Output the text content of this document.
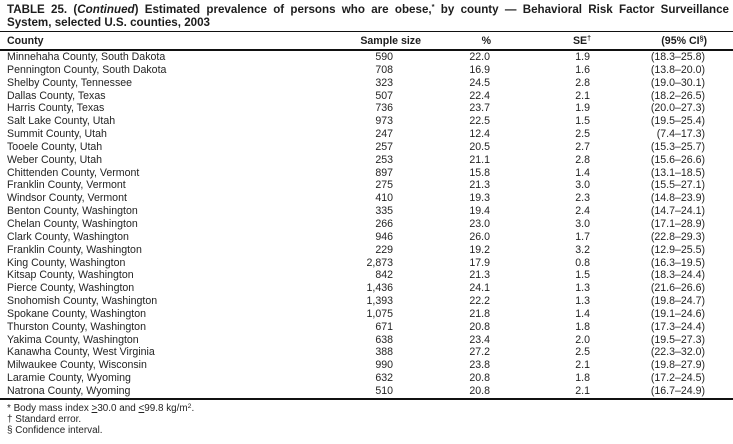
TABLE 25. (Continued) Estimated prevalence of persons who are obese,* by county — Behavioral Risk Factor Surveillance
System, selected U.S. counties, 2003
County	Sample size	%	SE†	(95% CI§)
Minnehaha County, South Dakota	590	22.0	1.9	(18.3–25.8)
Pennington County, South Dakota	708	16.9	1.6	(13.8–20.0)
Shelby County, Tennessee	323	24.5	2.8	(19.0–30.1)
Dallas County, Texas	507	22.4	2.1	(18.2–26.5)
Harris County, Texas	736	23.7	1.9	(20.0–27.3)
Salt Lake County, Utah	973	22.5	1.5	(19.5–25.4)
Summit County, Utah	247	12.4	2.5	(7.4–17.3)
Tooele County, Utah	257	20.5	2.7	(15.3–25.7)
Weber County, Utah	253	21.1	2.8	(15.6–26.6)
Chittenden County, Vermont	897	15.8	1.4	(13.1–18.5)
Franklin County, Vermont	275	21.3	3.0	(15.5–27.1)
Windsor County, Vermont	410	19.3	2.3	(14.8–23.9)
Benton County, Washington	335	19.4	2.4	(14.7–24.1)
Chelan County, Washington	266	23.0	3.0	(17.1–28.9)
Clark County, Washington	946	26.0	1.7	(22.8–29.3)
Franklin County, Washington	229	19.2	3.2	(12.9–25.5)
King County, Washington	2,873	17.9	0.8	(16.3–19.5)
Kitsap County, Washington	842	21.3	1.5	(18.3–24.4)
Pierce County, Washington	1,436	24.1	1.3	(21.6–26.6)
Snohomish County, Washington	1,393	22.2	1.3	(19.8–24.7)
Spokane County, Washington	1,075	21.8	1.4	(19.1–24.6)
Thurston County, Washington	671	20.8	1.8	(17.3–24.4)
Yakima County, Washington	638	23.4	2.0	(19.5–27.3)
Kanawha County, West Virginia	388	27.2	2.5	(22.3–32.0)
Milwaukee County, Wisconsin	990	23.8	2.1	(19.8–27.9)
Laramie County, Wyoming	632	20.8	1.8	(17.2–24.5)
Natrona County, Wyoming	510	20.8	2.1	(16.7–24.9)
* Body mass index ≥30.0 and ≤99.8 $kg/m^2$.
† Standard error.
§ Confidence interval.
